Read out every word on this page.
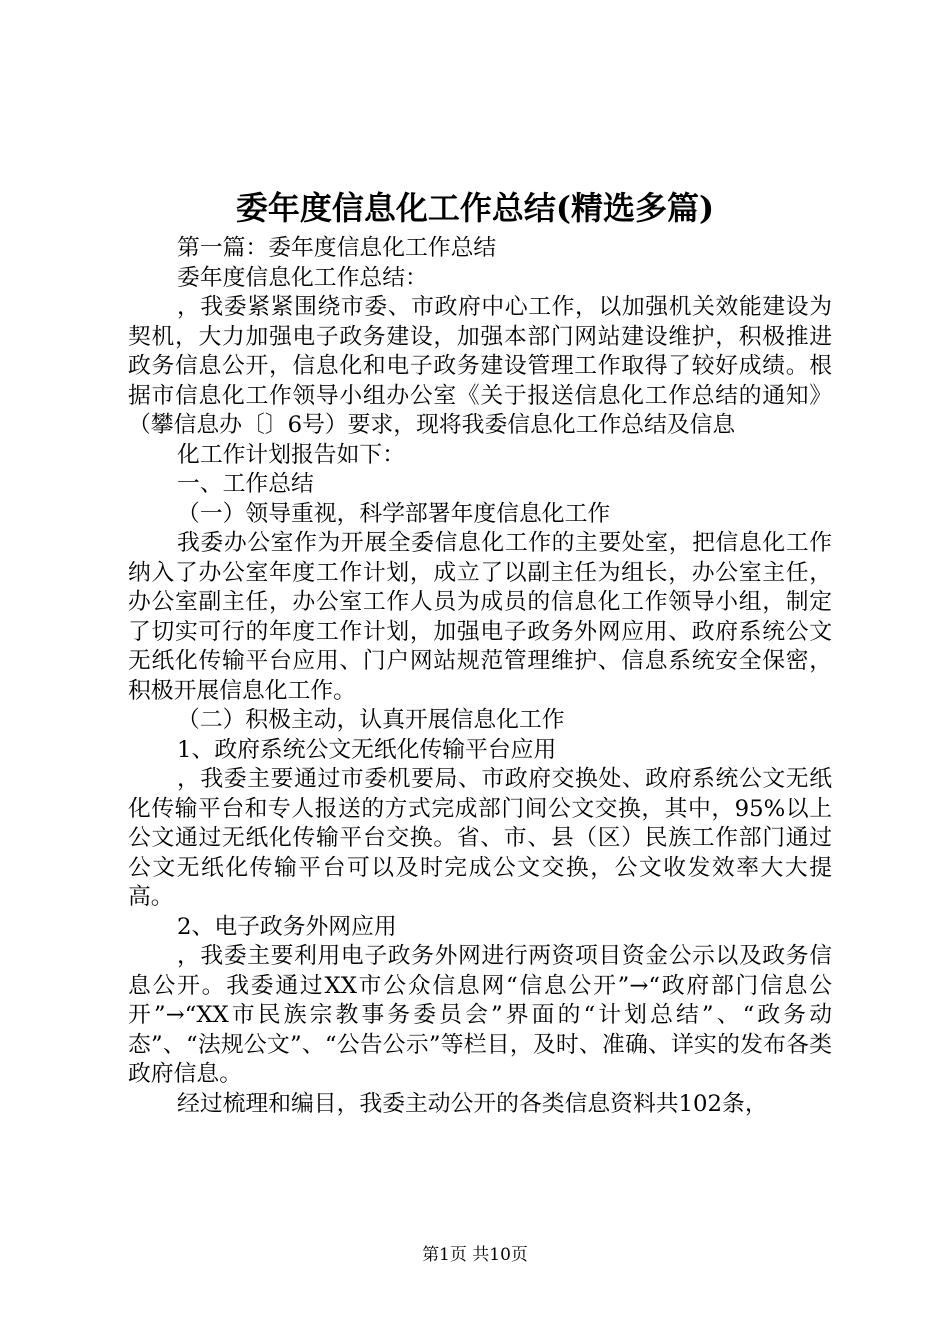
委年度信息化工作总结(精选多篇)

第一篇：委年度信息化工作总结

委年度信息化工作总结：

，我委紧紧围绕市委、市政府中心工作，以加强机关效能建设为契机，大力加强电子政务建设，加强本部门网站建设维护，积极推进政务信息公开，信息化和电子政务建设管理工作取得了较好成绩。根据市信息化工作领导小组办公室《关于报送信息化工作总结的通知》（攀信息办〔〕6号）要求，现将我委信息化工作总结及信息

化工作计划报告如下：

一、工作总结

（一）领导重视，科学部署年度信息化工作

我委办公室作为开展全委信息化工作的主要处室，把信息化工作纳入了办公室年度工作计划，成立了以副主任为组长，办公室主任，办公室副主任，办公室工作人员为成员的信息化工作领导小组，制定了切实可行的年度工作计划，加强电子政务外网应用、政府系统公文无纸化传输平台应用、门户网站规范管理维护、信息系统安全保密，积极开展信息化工作。

（二）积极主动，认真开展信息化工作

1、政府系统公文无纸化传输平台应用

，我委主要通过市委机要局、市政府交换处、政府系统公文无纸化传输平台和专人报送的方式完成部门间公文交换，其中，95%以上公文通过无纸化传输平台交换。省、市、县（区）民族工作部门通过公文无纸化传输平台可以及时完成公文交换，公文收发效率大大提高。

2、电子政务外网应用

，我委主要利用电子政务外网进行两资项目资金公示以及政务信息公开。我委通过XX市公众信息网“信息公开”→“政府部门信息公开”→“XX市民族宗教事务委员会”界面的“计划总结”、“政务动态”、“法规公文”、“公告公示”等栏目，及时、准确、详实的发布各类政府信息。

经过梳理和编目，我委主动公开的各类信息资料共102条，

第1页 共10页
